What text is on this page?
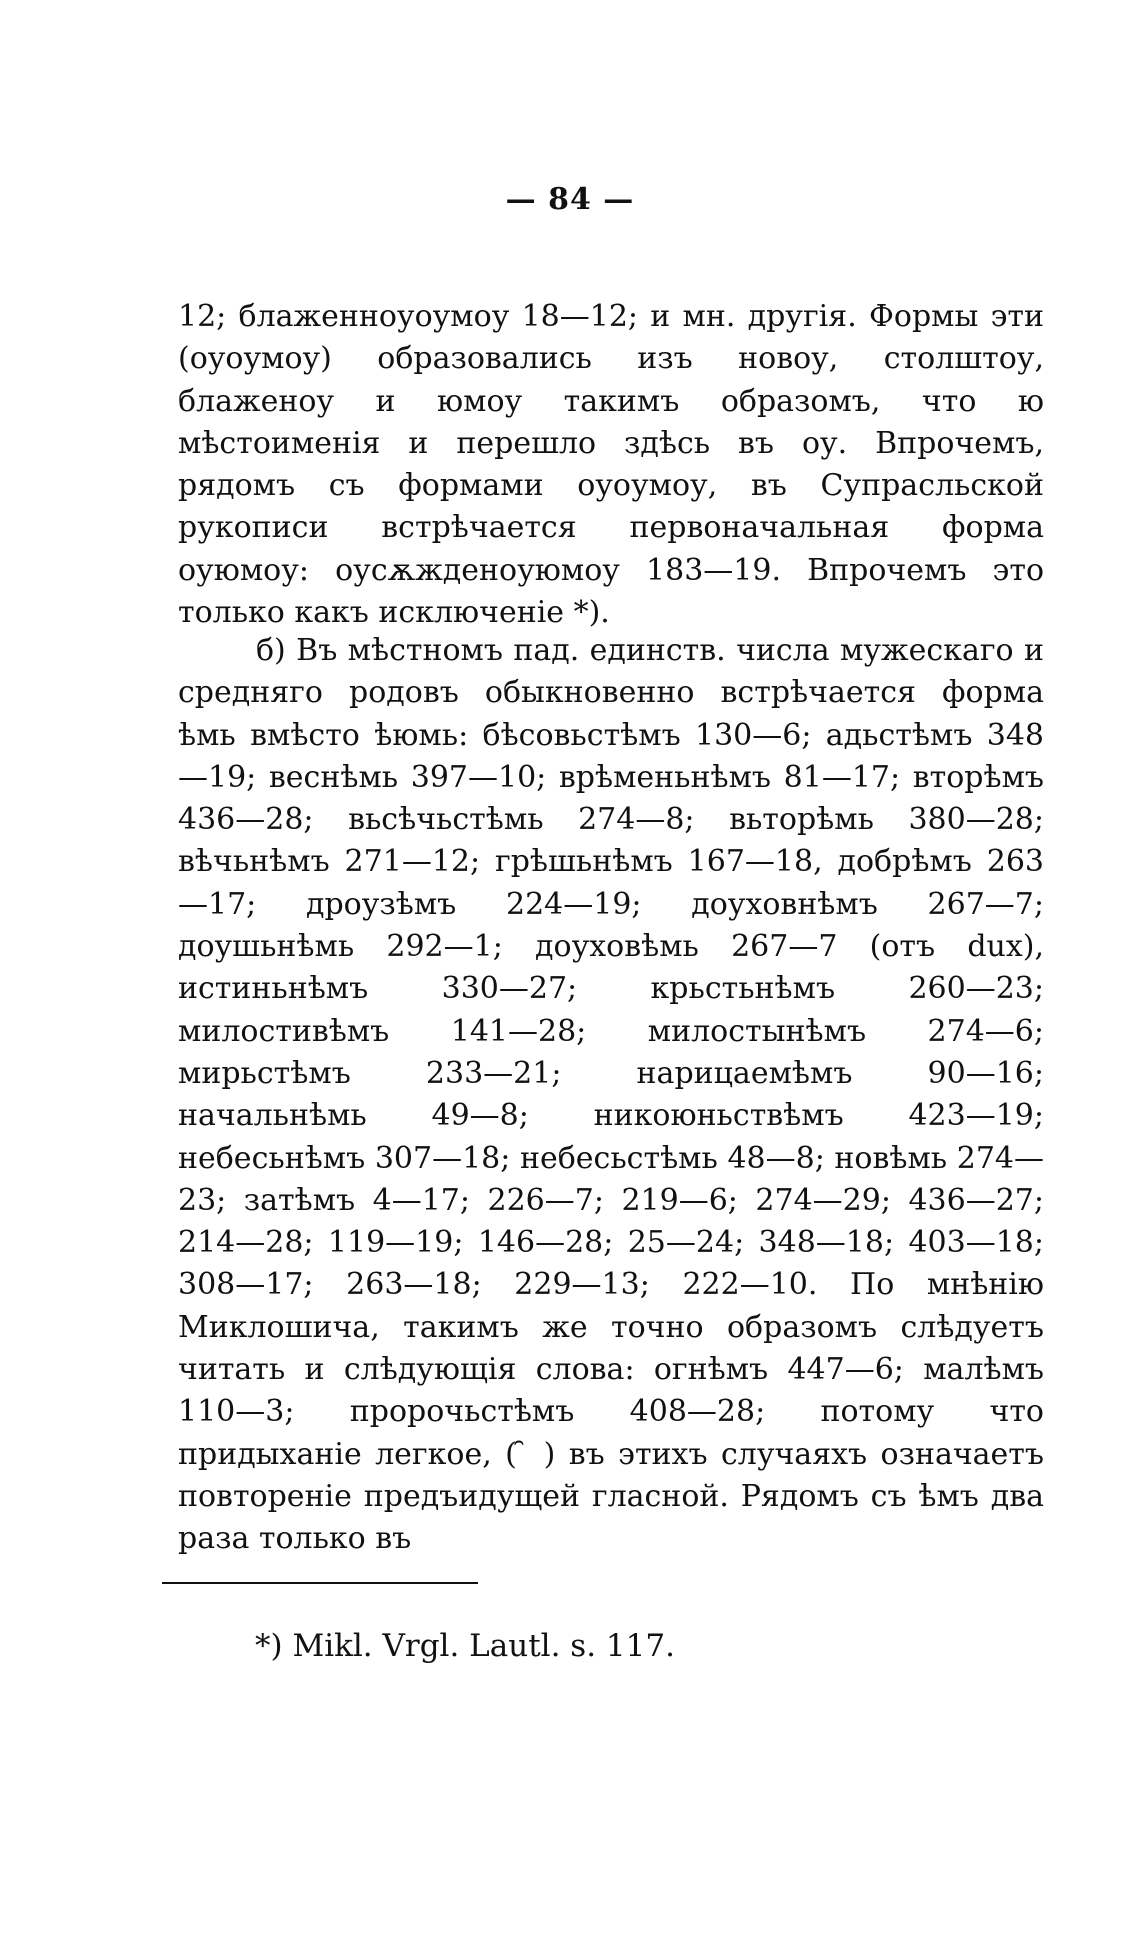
— 84 —
12; блаженноуоумоу 18—12; и мн. другія. Формы эти (оуоумоу) образовались изъ новоу, столштоу, блаженоу и юмоу такимъ образомъ, что ю мѣстоименія и перешло здѣсь въ оу. Впрочемъ, рядомъ съ формами оуоумоу, въ Супрасльской рукописи встрѣчается первоначальная форма оуюмоу: оусѫжденоуюмоу 183—19. Впрочемъ это только какъ исключеніе *).
б) Въ мѣстномъ пад. единств. числа мужескаго и средняго родовъ обыкновенно встрѣчается форма ѣмь вмѣсто ѣюмь: бѣсовьстѣмъ 130—6; адьстѣмъ 348—19; веснѣмь 397—10; врѣменьнѣмъ 81—17; вторѣмъ 436—28; вьсѣчьстѣмь 274—8; вьторѣмь 380—28; вѣчьнѣмъ 271—12; грѣшьнѣмъ 167—18, добрѣмъ 263—17; дроузѣмъ 224—19; доуховнѣмъ 267—7; доушьнѣмь 292—1; доуховѣмь 267—7 (отъ dux), истиньнѣмъ 330—27; крьстьнѣмъ 260—23; милостивѣмъ 141—28; милостынѣмъ 274—6; мирьстѣмъ 233—21; нарицаемѣмъ 90—16; начальнѣмь 49—8; никоюньствѣмъ 423—19; небесьнѣмъ 307—18; небесьстѣмь 48—8; новѣмь 274—23; затѣмъ 4—17; 226—7; 219—6; 274—29; 436—27; 214—28; 119—19; 146—28; 25—24; 348—18; 403—18; 308—17; 263—18; 229—13; 222—10. По мнѣнію Миклошича, такимъ же точно образомъ слѣдуетъ читать и слѣдующія слова: огнѣмъ 447—6; малѣмъ 110—3; пророчьстѣмъ 408—28; потому что придыханіе легкое, ( ̑ ) въ этихъ случаяхъ означаетъ повтореніе предъидущей гласной. Рядомъ съ ѣмъ два раза только въ
*) Mikl. Vrgl. Lautl. s. 117.
